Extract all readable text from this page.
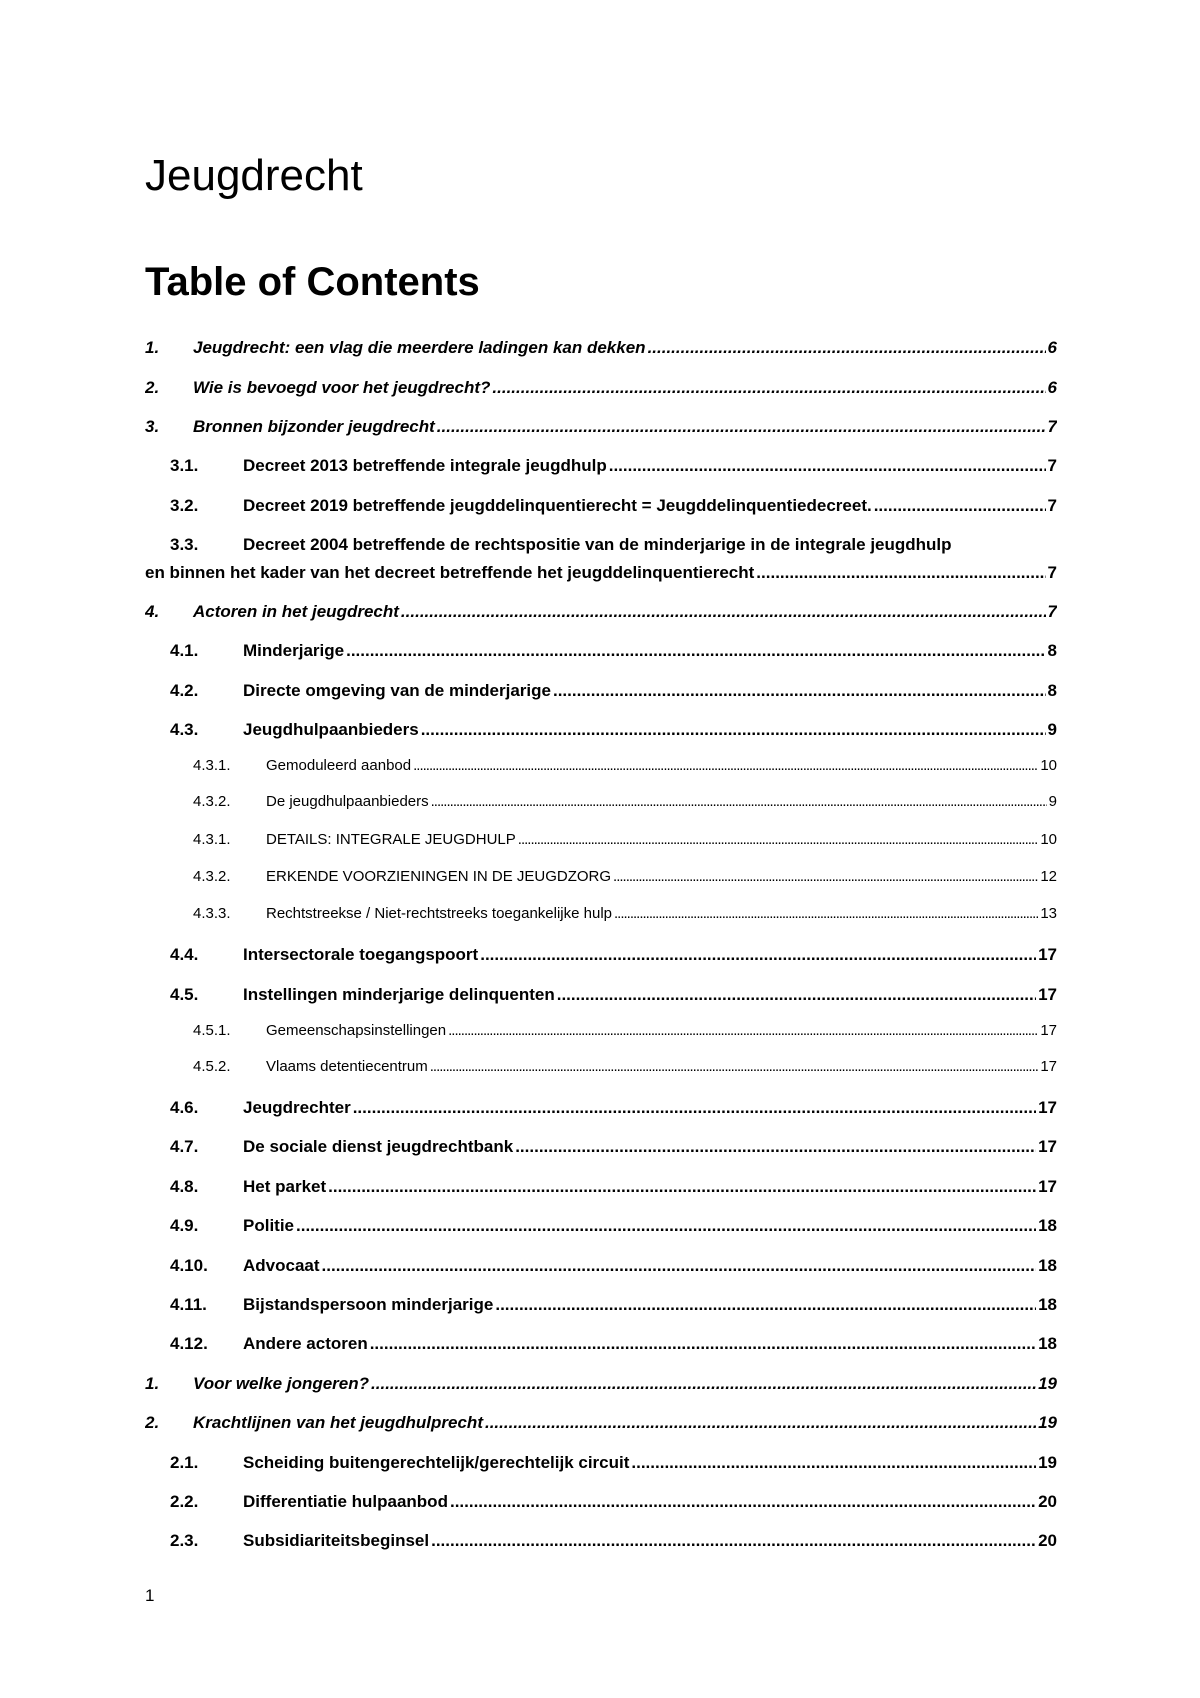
Jeugdrecht
Table of Contents
1.	Jeugdrecht: een vlag die meerdere ladingen kan dekken .....	6
2.	Wie is bevoegd voor het jeugdrecht? .....	6
3.	Bronnen bijzonder jeugdrecht .....	7
3.1.	Decreet 2013 betreffende integrale jeugdhulp .....	7
3.2.	Decreet 2019 betreffende jeugddelinquentierecht = Jeugddelinquentiedecreet. .....	7
3.3.	Decreet 2004 betreffende de rechtspositie van de minderjarige in de integrale jeugdhulp
en binnen het kader van het decreet betreffende het jeugddelinquentierecht .....	7
4.	Actoren in het jeugdrecht .....	7
4.1.	Minderjarige .....	8
4.2.	Directe omgeving van de minderjarige .....	8
4.3.	Jeugdhulpaanbieders .....	9
4.3.1.	Gemoduleerd aanbod .....	10
4.3.2.	De jeugdhulpaanbieders .....	9
4.3.1.	DETAILS: INTEGRALE JEUGDHULP .....	10
4.3.2.	ERKENDE VOORZIENINGEN IN DE JEUGDZORG .....	12
4.3.3.	Rechtstreekse / Niet-rechtstreeks toegankelijke hulp .....	13
4.4.	Intersectorale toegangspoort .....	17
4.5.	Instellingen minderjarige delinquenten .....	17
4.5.1.	Gemeenschapsinstellingen .....	17
4.5.2.	Vlaams detentiecentrum .....	17
4.6.	Jeugdrechter .....	17
4.7.	De sociale dienst jeugdrechtbank .....	17
4.8.	Het parket .....	17
4.9.	Politie .....	18
4.10.	Advocaat .....	18
4.11.	Bijstandspersoon minderjarige .....	18
4.12.	Andere actoren .....	18
1.	Voor welke jongeren? .....	19
2.	Krachtlijnen van het jeugdhulprecht .....	19
2.1.	Scheiding buitengerechtelijk/gerechtelijk circuit .....	19
2.2.	Differentiatie hulpaanbod .....	20
2.3.	Subsidiariteitsbeginsel .....	20
1
